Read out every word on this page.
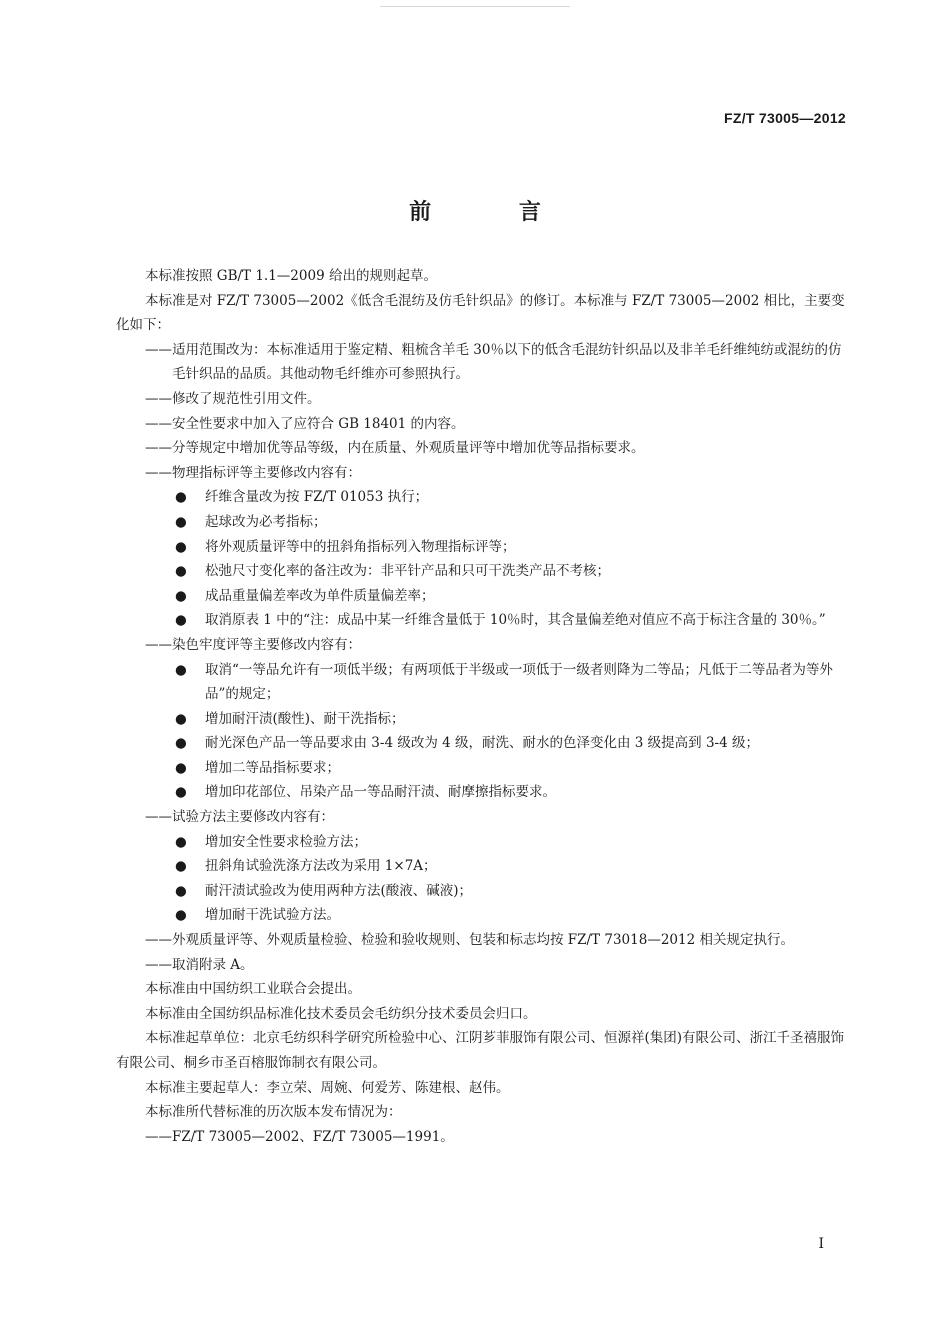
FZ/T 73005—2012
前 言
本标准按照 GB/T 1.1—2009 给出的规则起草。
本标准是对 FZ/T 73005—2002《低含毛混纺及仿毛针织品》的修订。本标准与 FZ/T 73005—2002 相比，主要变化如下：
—— 适用范围改为：本标准适用于鉴定精、粗梳含羊毛 30％以下的低含毛混纺针织品以及非羊毛纤维纯纺或混纺的仿毛针织品的品质。其他动物毛纤维亦可参照执行。
—— 修改了规范性引用文件。
—— 安全性要求中加入了应符合 GB 18401 的内容。
—— 分等规定中增加优等品等级，内在质量、外观质量评等中增加优等品指标要求。
—— 物理指标评等主要修改内容有：
●	纤维含量改为按 FZ/T 01053 执行；
●	起球改为必考指标；
●	将外观质量评等中的扭斜角指标列入物理指标评等；
●	松弛尺寸变化率的备注改为：非平针产品和只可干洗类产品不考核；
●	成品重量偏差率改为单件质量偏差率；
●	取消原表 1 中的“注：成品中某一纤维含量低于 10％时，其含量偏差绝对值应不高于标注含量的 30％。”
—— 染色牢度评等主要修改内容有：
●	取消“一等品允许有一项低半级；有两项低于半级或一项低于一级者则降为二等品；凡低于二等品者为等外品”的规定；
●	增加耐汗渍(酸性)、耐干洗指标；
●	耐光深色产品一等品要求由 3-4 级改为 4 级，耐洗、耐水的色泽变化由 3 级提高到 3-4 级；
●	增加二等品指标要求；
●	增加印花部位、吊染产品一等品耐汗渍、耐摩擦指标要求。
—— 试验方法主要修改内容有：
●	增加安全性要求检验方法；
●	扭斜角试验洗涤方法改为采用 1×7A；
●	耐汗渍试验改为使用两种方法(酸液、碱液)；
●	增加耐干洗试验方法。
—— 外观质量评等、外观质量检验、检验和验收规则、包装和标志均按 FZ/T 73018—2012 相关规定执行。
—— 取消附录 A。
本标准由中国纺织工业联合会提出。
本标准由全国纺织品标准化技术委员会毛纺织分技术委员会归口。
本标准起草单位：北京毛纺织科学研究所检验中心、江阴芗菲服饰有限公司、恒源祥(集团)有限公司、浙江千圣禧服饰有限公司、桐乡市圣百榕服饰制衣有限公司。
本标准主要起草人：李立荣、周婉、何爱芳、陈建根、赵伟。
本标准所代替标准的历次版本发布情况为：
—— FZ/T 73005—2002、FZ/T 73005—1991。
I
